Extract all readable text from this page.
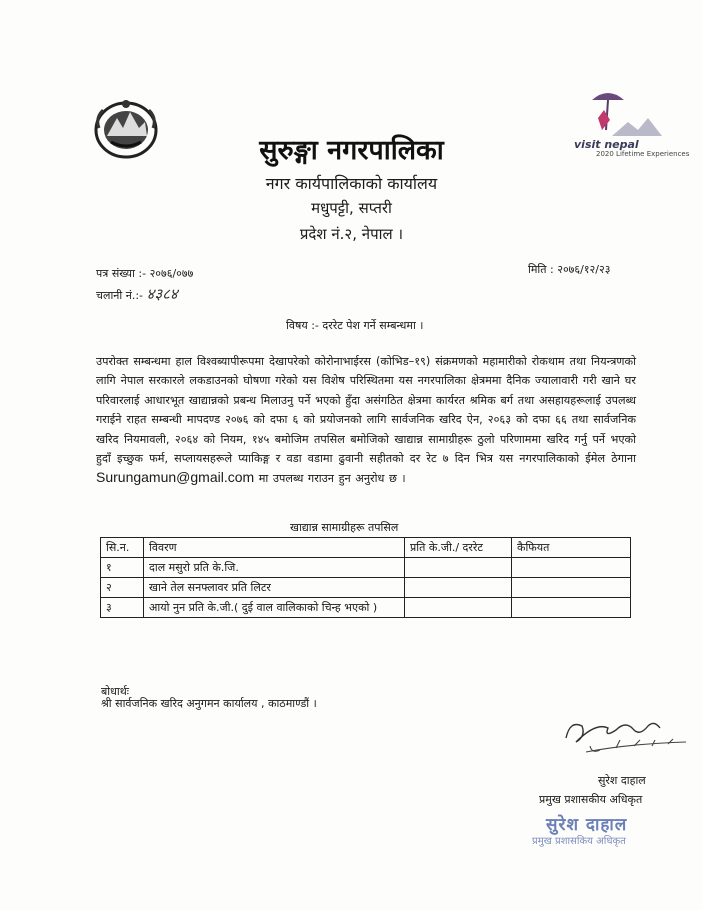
visit nepal
2020 Lifetime Experiences
सुरुङ्गा नगरपालिका
नगर कार्यपालिकाको कार्यालय
मधुपट्टी, सप्तरी
प्रदेश नं.२, नेपाल ।
पत्र संख्या :- २०७६/०७७
चलानी नं.:- ४३८४
मिति : २०७६/१२/२३
विषय :- दररेट पेश गर्ने सम्बन्धमा ।
उपरोक्त सम्बन्धमा हाल विश्वब्यापीरूपमा देखापरेको कोरोनाभाईरस (कोभिड–१९) संक्रमणको महामारीको रोकथाम तथा नियन्त्रणको लागि नेपाल सरकारले लकडाउनको घोषणा गरेको यस विशेष परिस्थितमा यस नगरपालिका क्षेत्रममा दैनिक ज्यालावारी गरी खाने घर परिवारलाई आधारभूत खाद्यान्नको प्रबन्ध मिलाउनु पर्ने भएको हुँदा असंगठित क्षेत्रमा कार्यरत श्रमिक बर्ग तथा असहायहरूलाई उपलब्ध गराईने राहत सम्बन्धी मापदण्ड २०७६ को दफा ६ को प्रयोजनको लागि सार्वजनिक खरिद ऐन, २०६३ को दफा ६६ तथा सार्वजनिक खरिद नियमावली, २०६४ को नियम, १४५ बमोजिम तपसिल बमोजिको खाद्यान्न सामाग्रीहरू ठुलो परिणाममा खरिद गर्नु पर्ने भएको हुदाँ इच्छुक फर्म, सप्लायसहरूले प्याकिङ्ग र वडा वडामा ढुवानी सहीतको दर रेट ७ दिन भित्र यस नगरपालिकाको ईमेल ठेगाना Surungamun@gmail.com मा उपलब्ध गराउन हुन अनुरोध छ ।
खाद्यान्न सामाग्रीहरू तपसिल
सि.न.	विवरण	प्रति के.जी./ दररेट	कैफियत
१	दाल मसुरो प्रति के.जि.		
२	खाने तेल सनफ्लावर प्रति लिटर		
३	आयो नुन प्रति के.जी.( दुई वाल वालिकाको चिन्ह भएको )		
बोधार्थः
श्री सार्वजनिक खरिद अनुगमन कार्यालय , काठमाण्डौं ।
सुरेश दाहाल
प्रमुख प्रशासकीय अधिकृत
सुरेश दाहाल
प्रमुख प्रशासकिय अधिकृत
